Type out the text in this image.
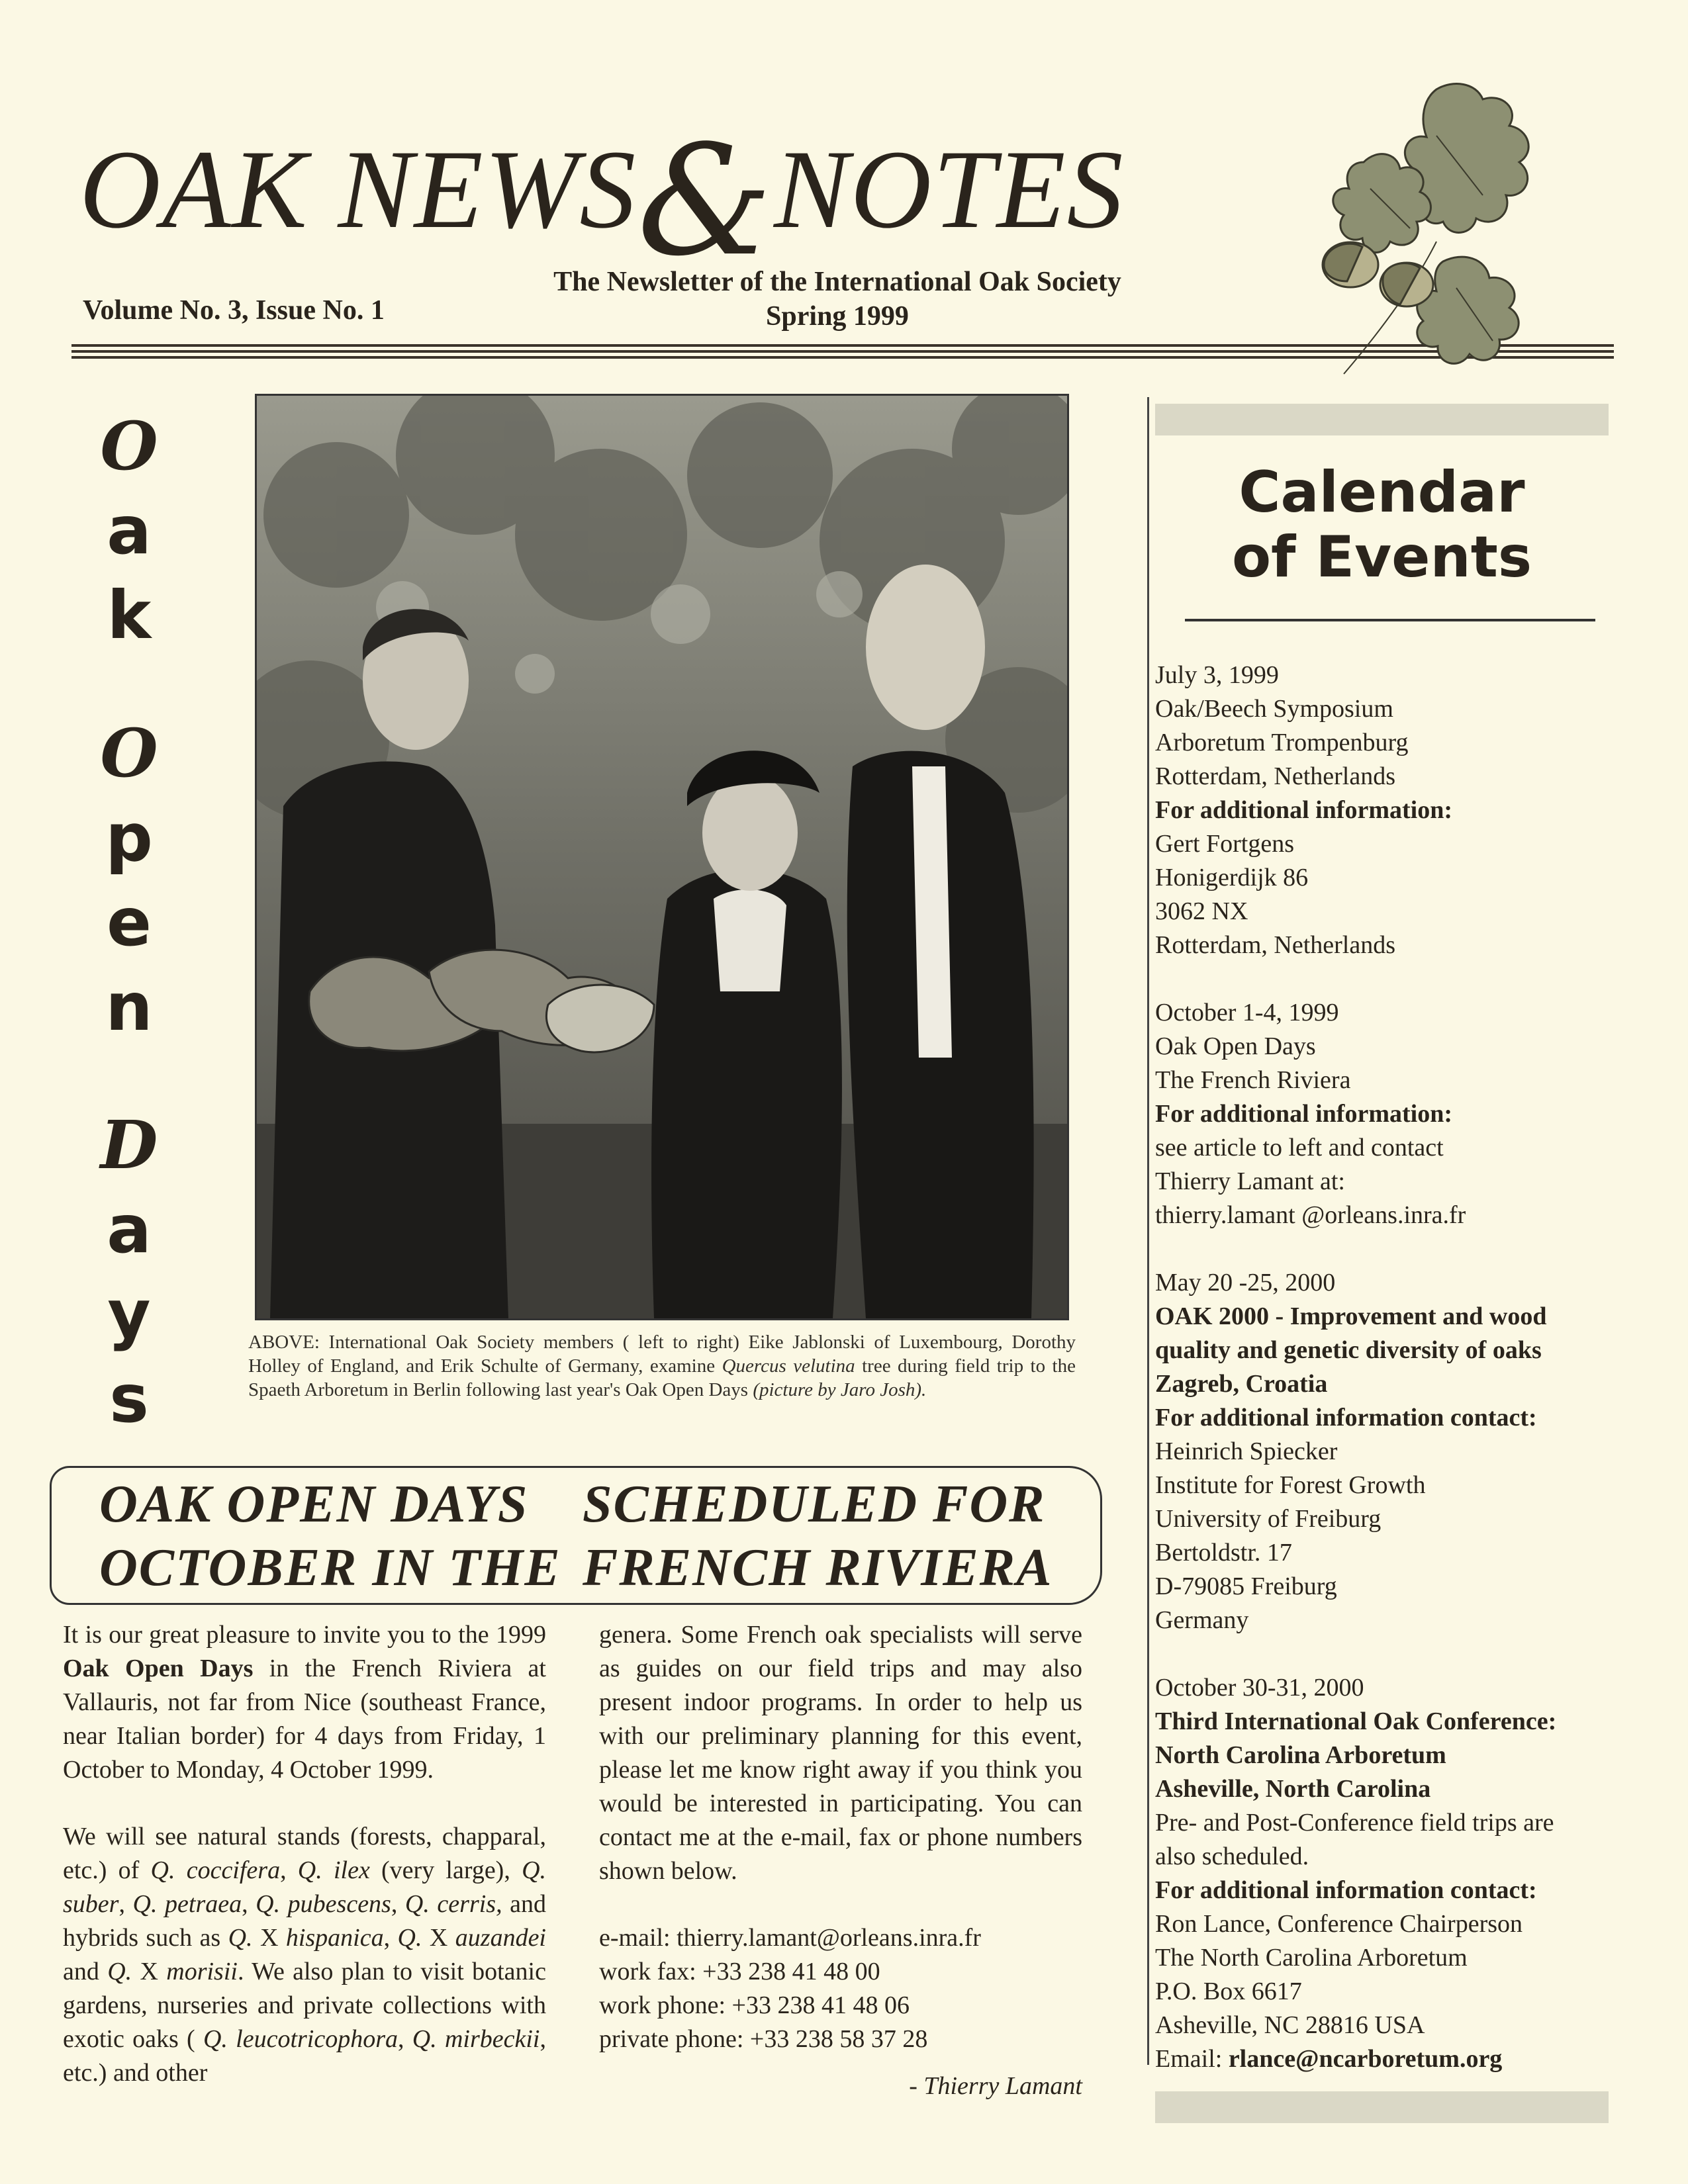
OAK NEWS&NOTES
Volume No. 3, Issue No. 1
The Newsletter of the International Oak Society
Spring 1999
O
a
k
O
p
e
n
D
a
y
s
ABOVE: International Oak Society members ( left to right) Eike Jablonski of Luxembourg, Dorothy Holley of England, and Erik Schulte of Germany, examine Quercus velutina tree during field trip to the Spaeth Arboretum in Berlin following last year's Oak Open Days (picture by Jaro Josh).
OAK OPEN DAYS	SCHEDULED FOR
OCTOBER IN THE FRENCH RIVIERA

It is our great pleasure to invite you to the 1999 Oak Open Days in the French Riviera at Vallauris, not far from Nice (southeast France, near Italian border) for 4 days from Friday, 1 October to Monday, 4 October 1999.

We will see natural stands (forests, chapparal, etc.) of Q. coccifera, Q. ilex (very large), Q. suber, Q. petraea, Q. pubescens, Q. cerris, and hybrids such as Q. X hispanica, Q. X auzandei and Q. X morisii. We also plan to visit botanic gardens, nurseries and private collections with exotic oaks ( Q. leucotricophora, Q. mirbeckii, etc.) and other

genera. Some French oak specialists will serve as guides on our field trips and may also present indoor programs. In order to help us with our preliminary planning for this event, please let me know right away if you think you would be interested in participating. You can contact me at the e-mail, fax or phone numbers shown below.

e-mail: thierry.lamant@orleans.inra.fr
work fax: +33 238 41 48 00
work phone: +33 238 41 48 06
private phone: +33 238 58 37 28
- Thierry Lamant
Calendar
of Events
July 3, 1999
Oak/Beech Symposium
Arboretum Trompenburg
Rotterdam, Netherlands
For additional information:
Gert Fortgens
Honigerdijk 86
3062 NX
Rotterdam, Netherlands
October 1-4, 1999
Oak Open Days
The French Riviera
For additional information:
see article to left and contact
Thierry Lamant at:
thierry.lamant @orleans.inra.fr
May 20 -25, 2000
OAK 2000 - Improvement and wood
quality and genetic diversity of oaks
Zagreb, Croatia
For additional information contact:
Heinrich Spiecker
Institute for Forest Growth
University of Freiburg
Bertoldstr. 17
D-79085 Freiburg
Germany
October 30-31, 2000
Third International Oak Conference:
North Carolina Arboretum
Asheville, North Carolina
Pre- and Post-Conference field trips are
also scheduled.
For additional information contact:
Ron Lance, Conference Chairperson
The North Carolina Arboretum
P.O. Box 6617
Asheville, NC 28816 USA
Email: rlance@ncarboretum.org
